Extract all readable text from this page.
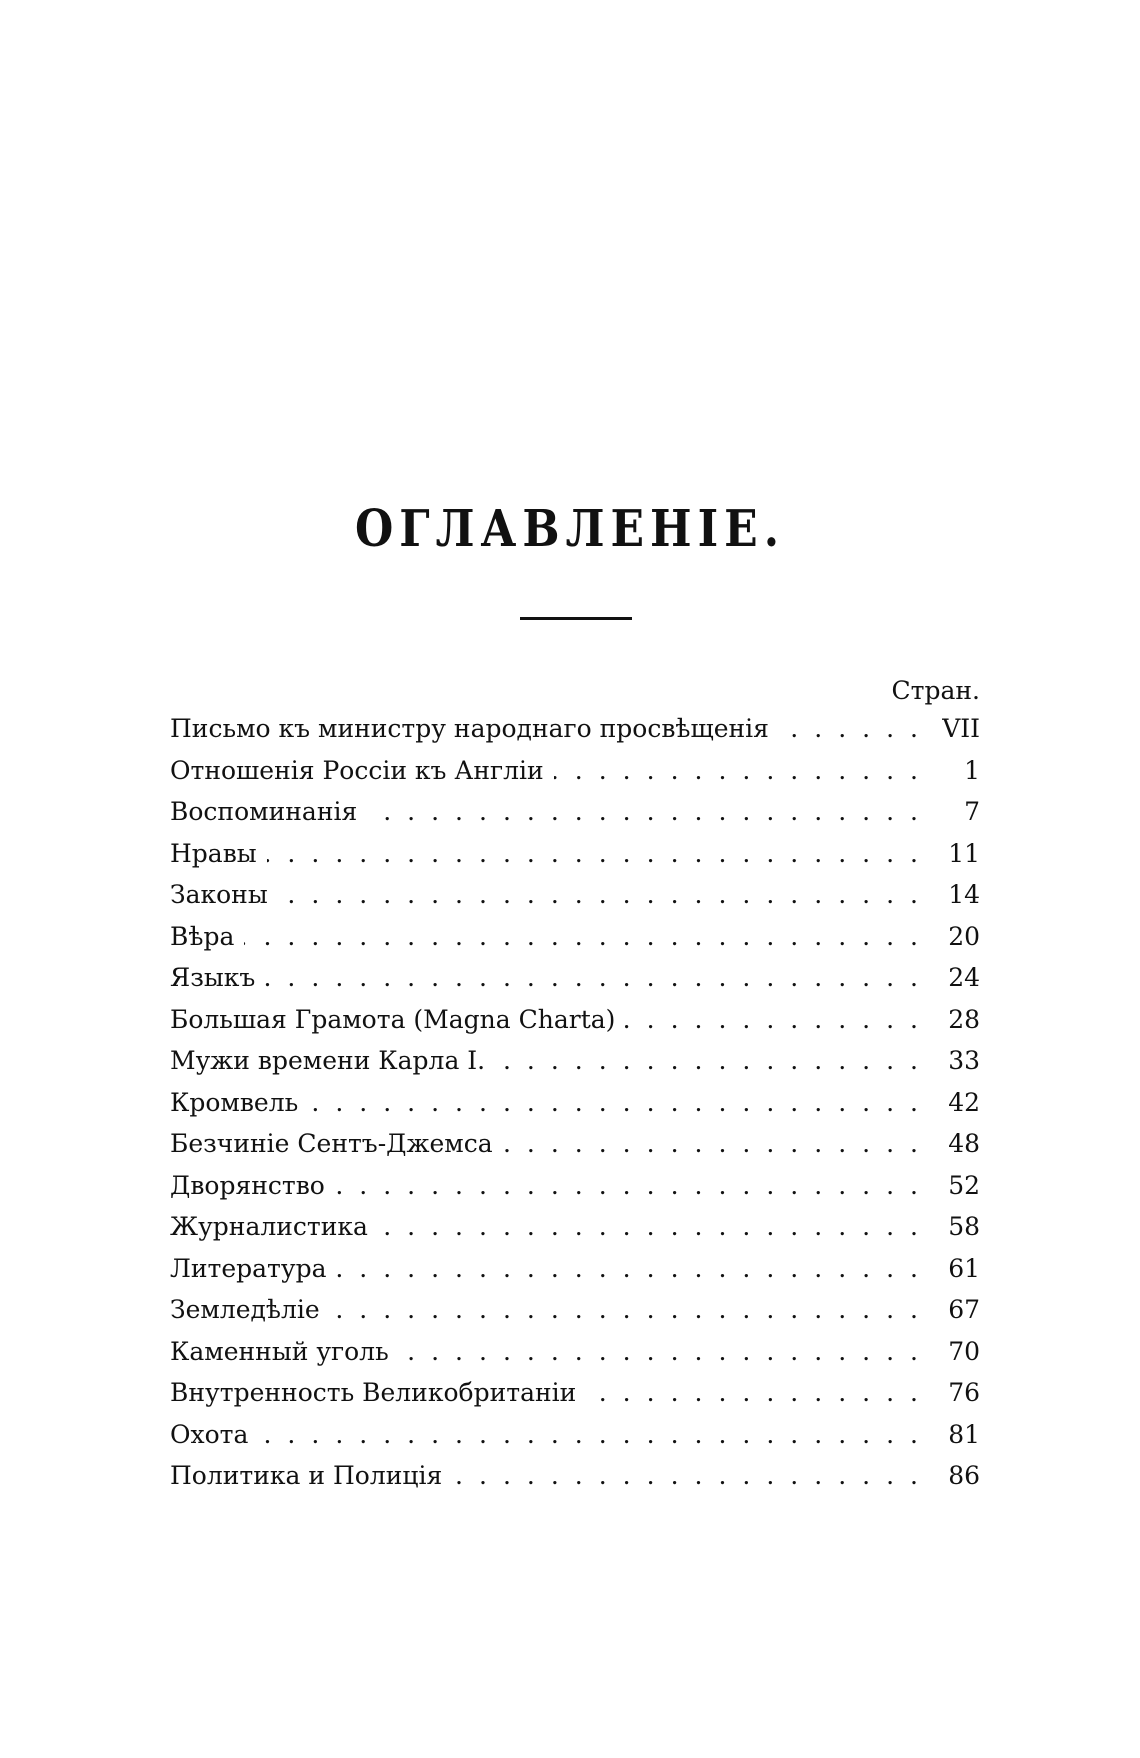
ОГЛАВЛЕНІЕ.
Стран.
Письмо къ министру народнаго просвѣщенія .....	VII
Отношенія Россіи къ Англіи .....	1
Воспоминанія .....	7
Нравы .....	11
Законы .....	14
Вѣра .....	20
Языкъ .....	24
Большая Грамота (Magna Charta) .....	28
Мужи времени Карла I. .....	33
Кромвель .....	42
Безчиніе Сентъ-Джемса .....	48
Дворянство .....	52
Журналистика .....	58
Литература .....	61
Земледѣліе .....	67
Каменный уголь .....	70
Внутренность Великобританіи .....	76
Охота .....	81
Политика и Полиція .....	86
